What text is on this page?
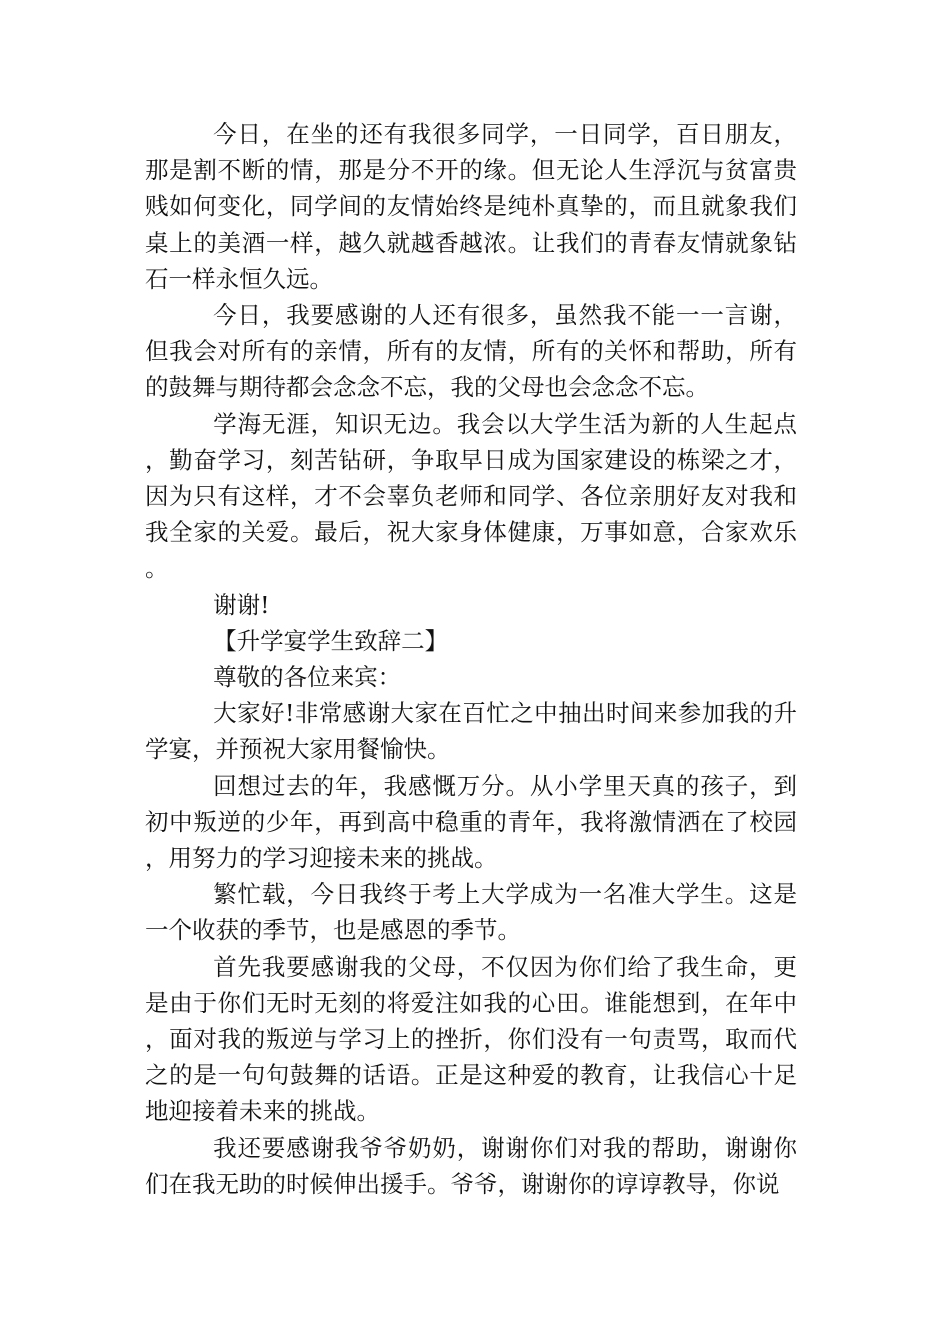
今日，在坐的还有我很多同学，一日同学，百日朋友，那是割不断的情，那是分不开的缘。但无论人生浮沉与贫富贵贱如何变化，同学间的友情始终是纯朴真挚的，而且就象我们桌上的美酒一样，越久就越香越浓。让我们的青春友情就象钻石一样永恒久远。

今日，我要感谢的人还有很多，虽然我不能一一言谢，但我会对所有的亲情，所有的友情，所有的关怀和帮助，所有的鼓舞与期待都会念念不忘，我的父母也会念念不忘。

学海无涯，知识无边。我会以大学生活为新的人生起点，勤奋学习，刻苦钻研，争取早日成为国家建设的栋梁之才，因为只有这样，才不会辜负老师和同学、各位亲朋好友对我和我全家的关爱。最后，祝大家身体健康，万事如意，合家欢乐。

谢谢!

【升学宴学生致辞二】

尊敬的各位来宾：

大家好!非常感谢大家在百忙之中抽出时间来参加我的升学宴，并预祝大家用餐愉快。

回想过去的年，我感慨万分。从小学里天真的孩子，到初中叛逆的少年，再到高中稳重的青年，我将激情洒在了校园，用努力的学习迎接未来的挑战。

繁忙载，今日我终于考上大学成为一名准大学生。这是一个收获的季节，也是感恩的季节。

首先我要感谢我的父母，不仅因为你们给了我生命，更是由于你们无时无刻的将爱注如我的心田。谁能想到，在年中，面对我的叛逆与学习上的挫折，你们没有一句责骂，取而代之的是一句句鼓舞的话语。正是这种爱的教育，让我信心十足地迎接着未来的挑战。

我还要感谢我爷爷奶奶，谢谢你们对我的帮助，谢谢你们在我无助的时候伸出援手。爷爷，谢谢你的谆谆教导，你说
